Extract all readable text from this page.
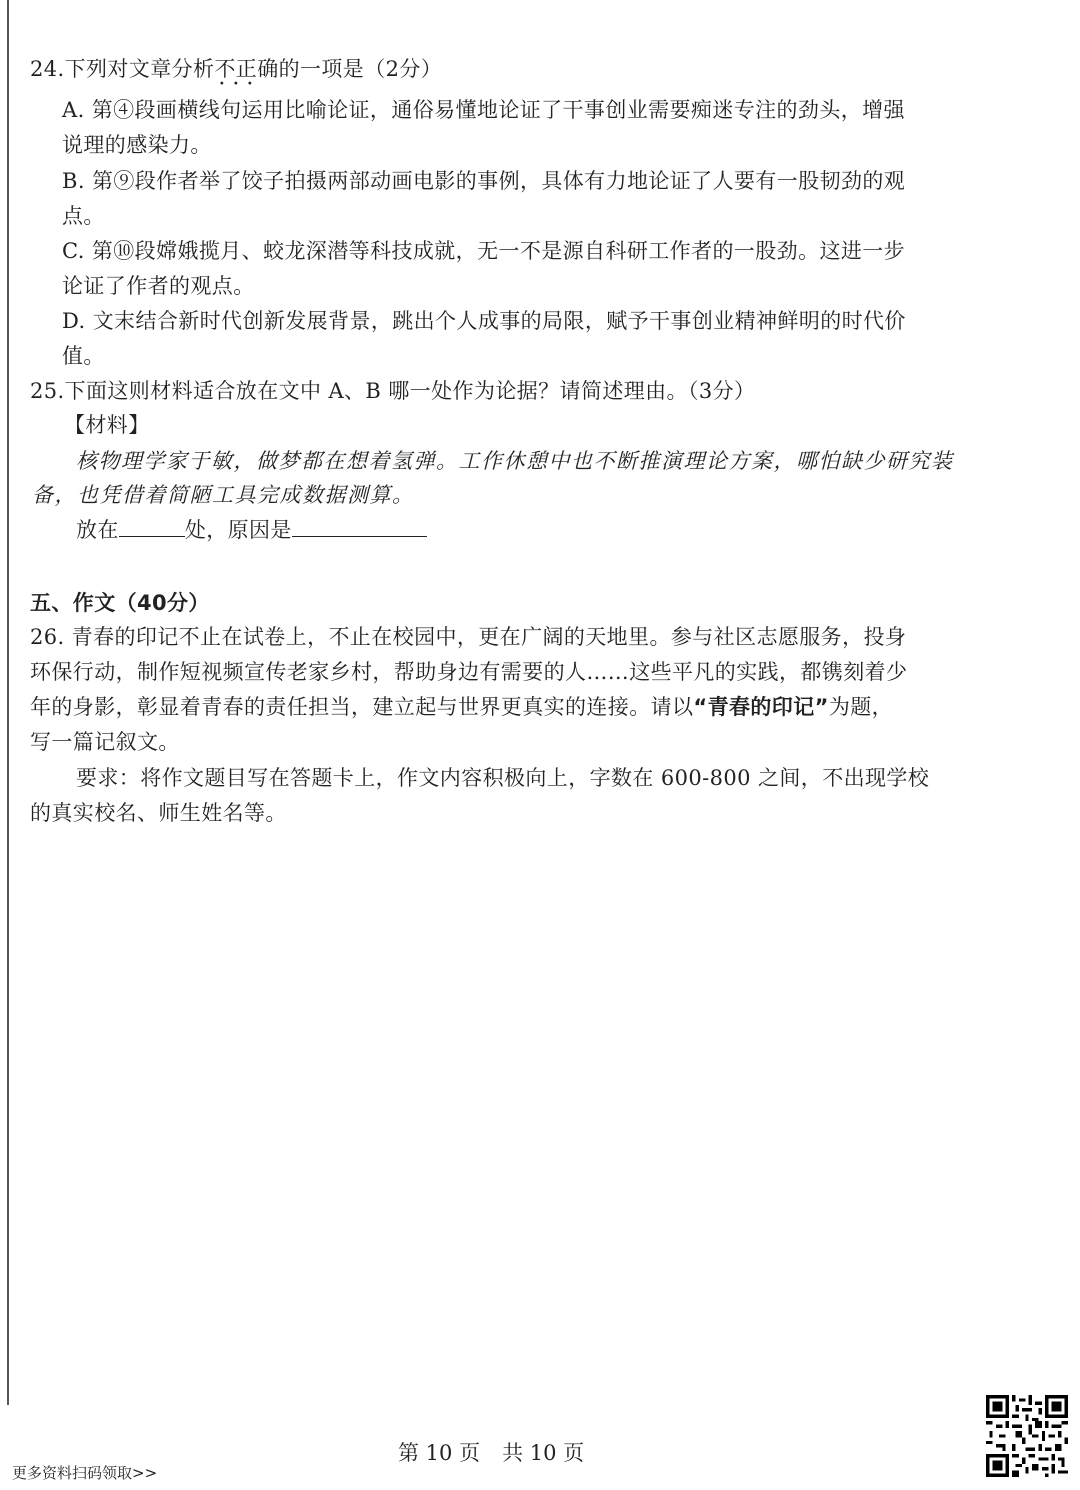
24.下列对文章分析不正确 · · ·的一项是（2分）
A. 第④段画横线句运用比喻论证，通俗易懂地论证了干事创业需要痴迷专注的劲头，增强
说理的感染力。
B. 第⑨段作者举了饺子拍摄两部动画电影的事例，具体有力地论证了人要有一股韧劲的观
点。
C. 第⑩段嫦娥揽月、蛟龙深潜等科技成就，无一不是源自科研工作者的一股劲。这进一步
论证了作者的观点。
D. 文末结合新时代创新发展背景，跳出个人成事的局限，赋予干事创业精神鲜明的时代价
值。
25.下面这则材料适合放在文中 A、B 哪一处作为论据？请简述理由。（3分）
【材料】
核物理学家于敏，做梦都在想着氢弹。工作休憩中也不断推演理论方案，哪怕缺少研究装
备，也凭借着简陋工具完成数据测算。
放在	处，原因是
五、作文（40分）
26. 青春的印记不止在试卷上，不止在校园中，更在广阔的天地里。参与社区志愿服务，投身
环保行动，制作短视频宣传老家乡村，帮助身边有需要的人……这些平凡的实践，都镌刻着少
年的身影，彰显着青春的责任担当，建立起与世界更真实的连接。请以“青春的印记”为题，
写一篇记叙文。
要求：将作文题目写在答题卡上，作文内容积极向上，字数在 600-800 之间，不出现学校
的真实校名、师生姓名等。
第 10 页 共 10 页
更多资料扫码领取>>
